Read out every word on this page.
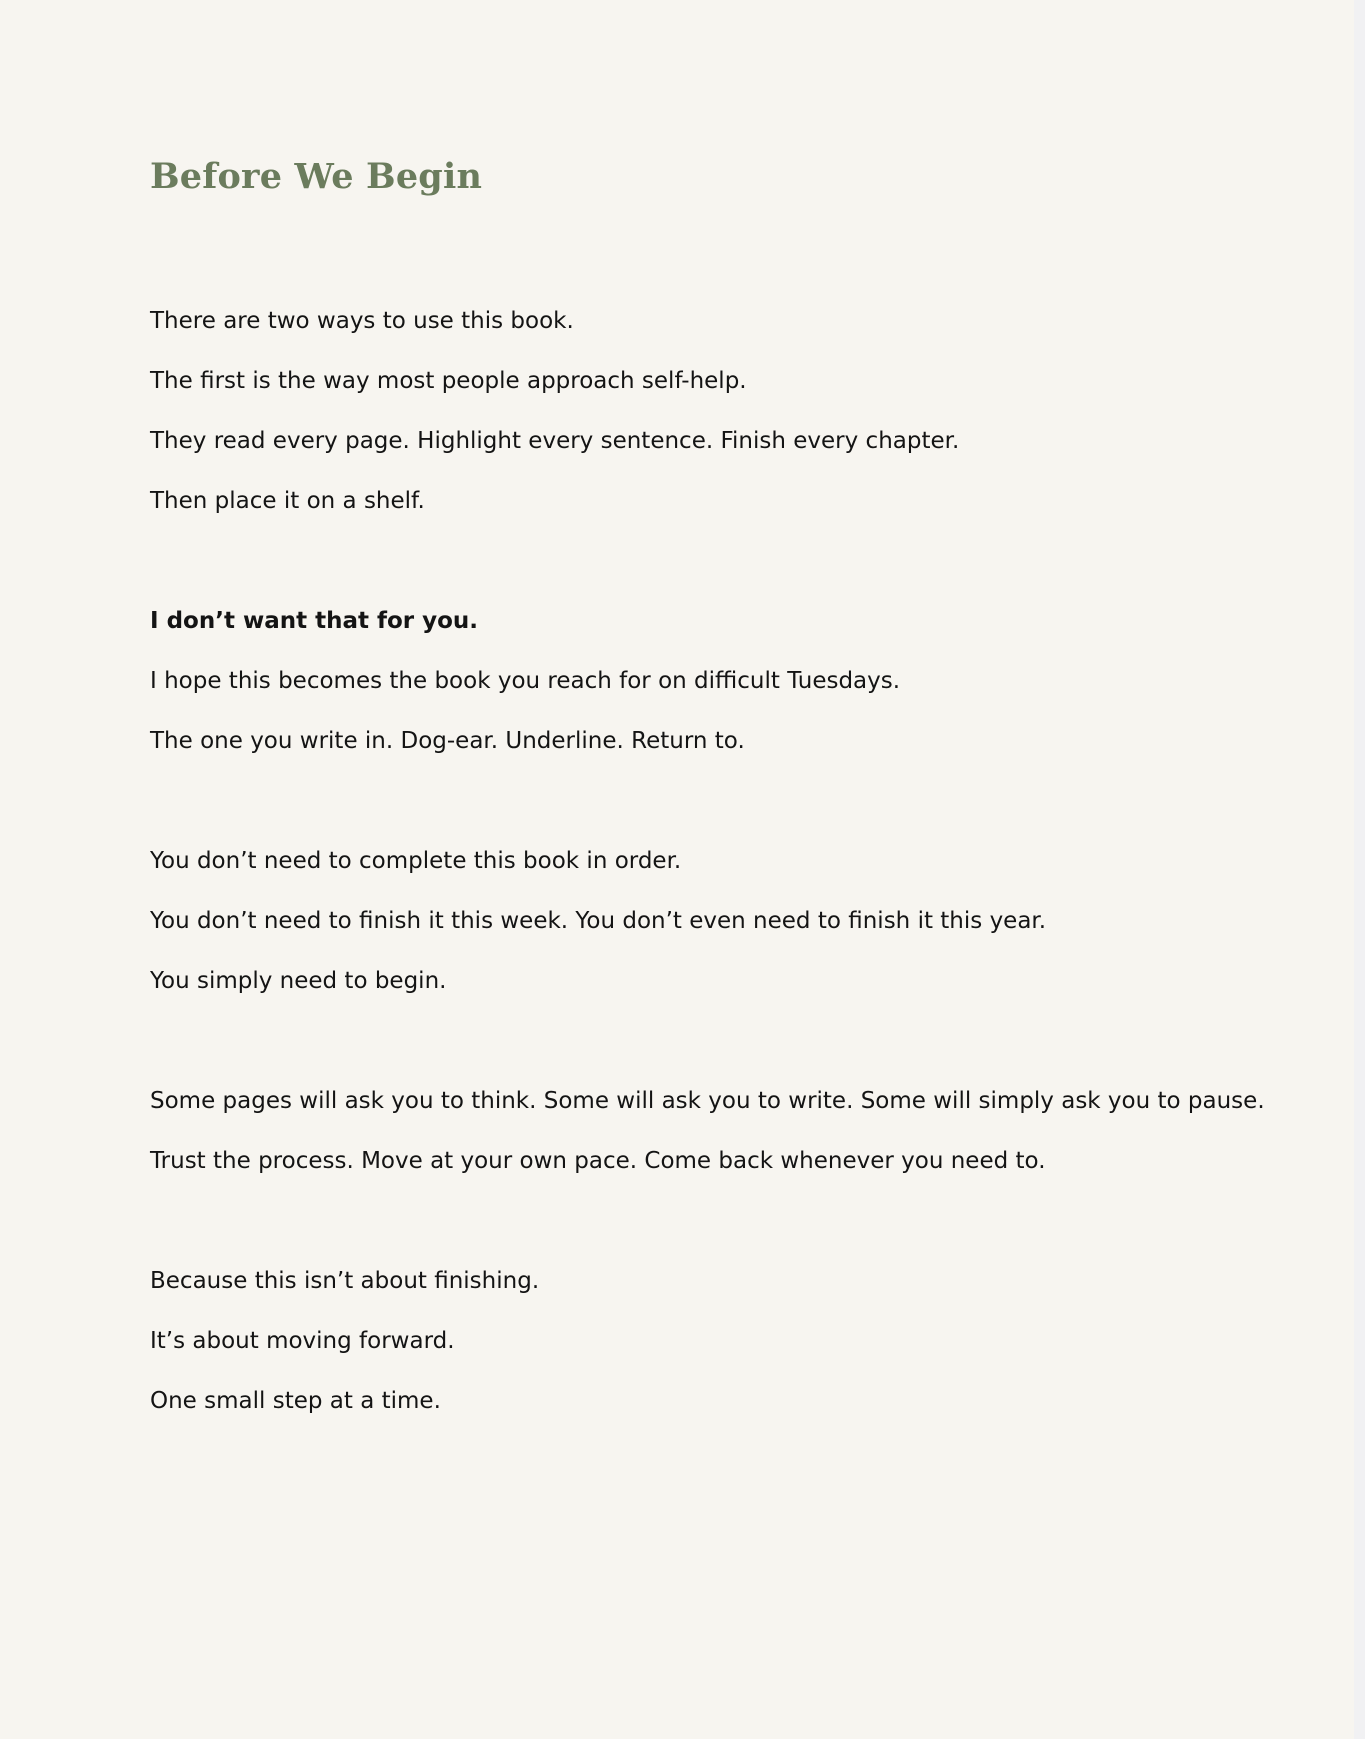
Before We Begin

There are two ways to use this book.

The first is the way most people approach self-help.

They read every page. Highlight every sentence. Finish every chapter.

Then place it on a shelf.

I don’t want that for you.

I hope this becomes the book you reach for on difficult Tuesdays.

The one you write in. Dog-ear. Underline. Return to.

You don’t need to complete this book in order.

You don’t need to finish it this week. You don’t even need to finish it this year.

You simply need to begin.

Some pages will ask you to think. Some will ask you to write. Some will simply ask you to pause.

Trust the process. Move at your own pace. Come back whenever you need to.

Because this isn’t about finishing.

It’s about moving forward.

One small step at a time.
